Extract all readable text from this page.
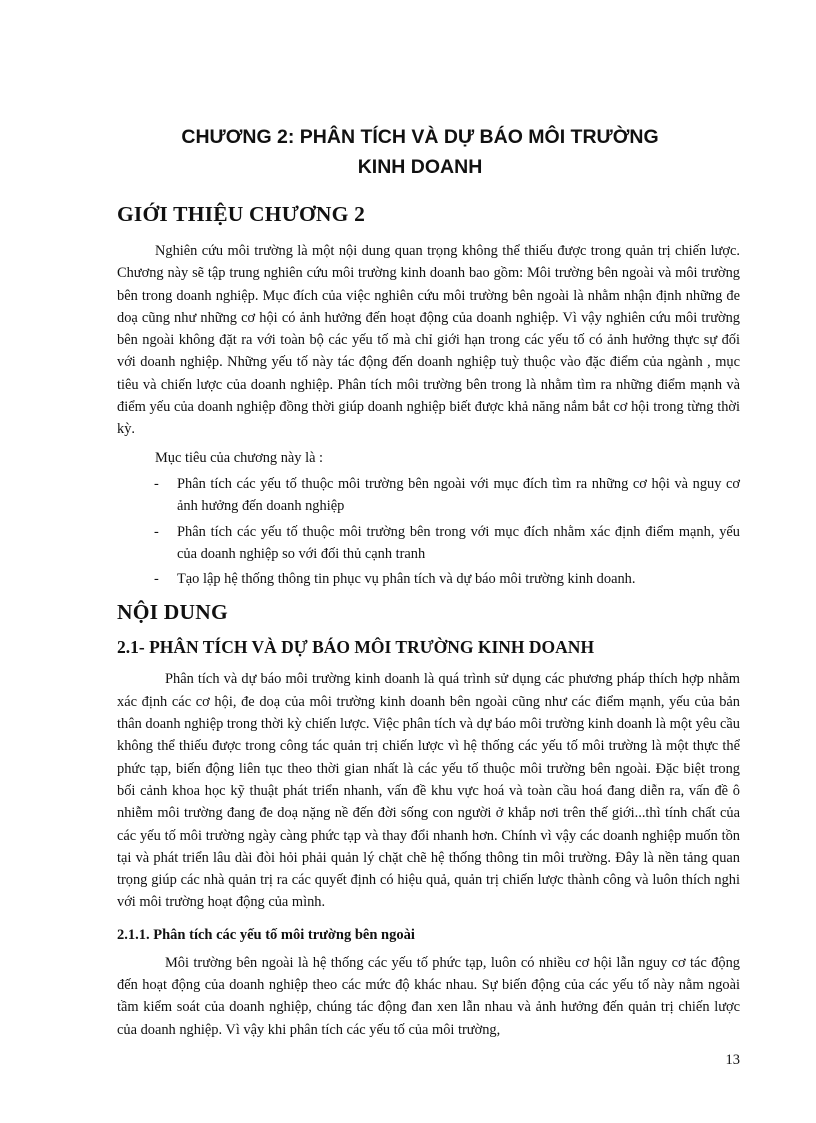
CHƯƠNG 2: PHÂN TÍCH VÀ DỰ BÁO MÔI TRƯỜNG
KINH DOANH
GIỚI THIỆU CHƯƠNG 2

Nghiên cứu môi trường là một nội dung quan trọng không thể thiếu được trong quản trị chiến lược. Chương này sẽ tập trung nghiên cứu môi trường kinh doanh bao gồm: Môi trường bên ngoài và môi trường bên trong doanh nghiệp. Mục đích của việc nghiên cứu môi trường bên ngoài là nhằm nhận định những đe doạ cũng như những cơ hội có ảnh hưởng đến hoạt động của doanh nghiệp. Vì vậy nghiên cứu môi trường bên ngoài không đặt ra với toàn bộ các yếu tố mà chỉ giới hạn trong các yếu tố có ảnh hưởng thực sự đối với doanh nghiệp. Những yếu tố này tác động đến doanh nghiệp tuỳ thuộc vào đặc điểm của ngành , mục tiêu và chiến lược của doanh nghiệp. Phân tích môi trường bên trong là nhằm tìm ra những điểm mạnh và điểm yếu của doanh nghiệp đồng thời giúp doanh nghiệp biết được khả năng nắm bắt cơ hội trong từng thời kỳ.

Mục tiêu của chương này là :

- Phân tích các yếu tố thuộc môi trường bên ngoài với mục đích tìm ra những cơ hội và nguy cơ ảnh hưởng đến doanh nghiệp
- Phân tích các yếu tố thuộc môi trường bên trong với mục đích nhằm xác định điểm mạnh, yếu của doanh nghiệp so với đối thủ cạnh tranh
- Tạo lập hệ thống thông tin phục vụ phân tích và dự báo môi trường kinh doanh.
NỘI DUNG
2.1- PHÂN TÍCH VÀ DỰ BÁO MÔI TRƯỜNG KINH DOANH

Phân tích và dự báo môi trường kinh doanh là quá trình sử dụng các phương pháp thích hợp nhằm xác định các cơ hội, đe doạ của môi trường kinh doanh bên ngoài cũng như các điểm mạnh, yếu của bản thân doanh nghiệp trong thời kỳ chiến lược. Việc phân tích và dự báo môi trường kinh doanh là một yêu cầu không thể thiếu được trong công tác quản trị chiến lược vì hệ thống các yếu tố môi trường là một thực thể phức tạp, biến động liên tục theo thời gian nhất là các yếu tố thuộc môi trường bên ngoài. Đặc biệt trong bối cảnh khoa học kỹ thuật phát triển nhanh, vấn đề khu vực hoá và toàn cầu hoá đang diễn ra, vấn đề ô nhiễm môi trường đang đe doạ nặng nề đến đời sống con người ở khắp nơi trên thế giới...thì tính chất của các yếu tố môi trường ngày càng phức tạp và thay đổi nhanh hơn. Chính vì vậy các doanh nghiệp muốn tồn tại và phát triển lâu dài đòi hỏi phải quản lý chặt chẽ hệ thống thông tin môi trường. Đây là nền tảng quan trọng giúp các nhà quản trị ra các quyết định có hiệu quả, quản trị chiến lược thành công và luôn thích nghi với môi trường hoạt động của mình.

2.1.1. Phân tích các yếu tố môi trường bên ngoài

Môi trường bên ngoài là hệ thống các yếu tố phức tạp, luôn có nhiều cơ hội lẫn nguy cơ tác động đến hoạt động của doanh nghiệp theo các mức độ khác nhau. Sự biến động của các yếu tố này nằm ngoài tầm kiểm soát của doanh nghiệp, chúng tác động đan xen lẫn nhau và ảnh hưởng đến quản trị chiến lược của doanh nghiệp. Vì vậy khi phân tích các yếu tố của môi trường,

13
